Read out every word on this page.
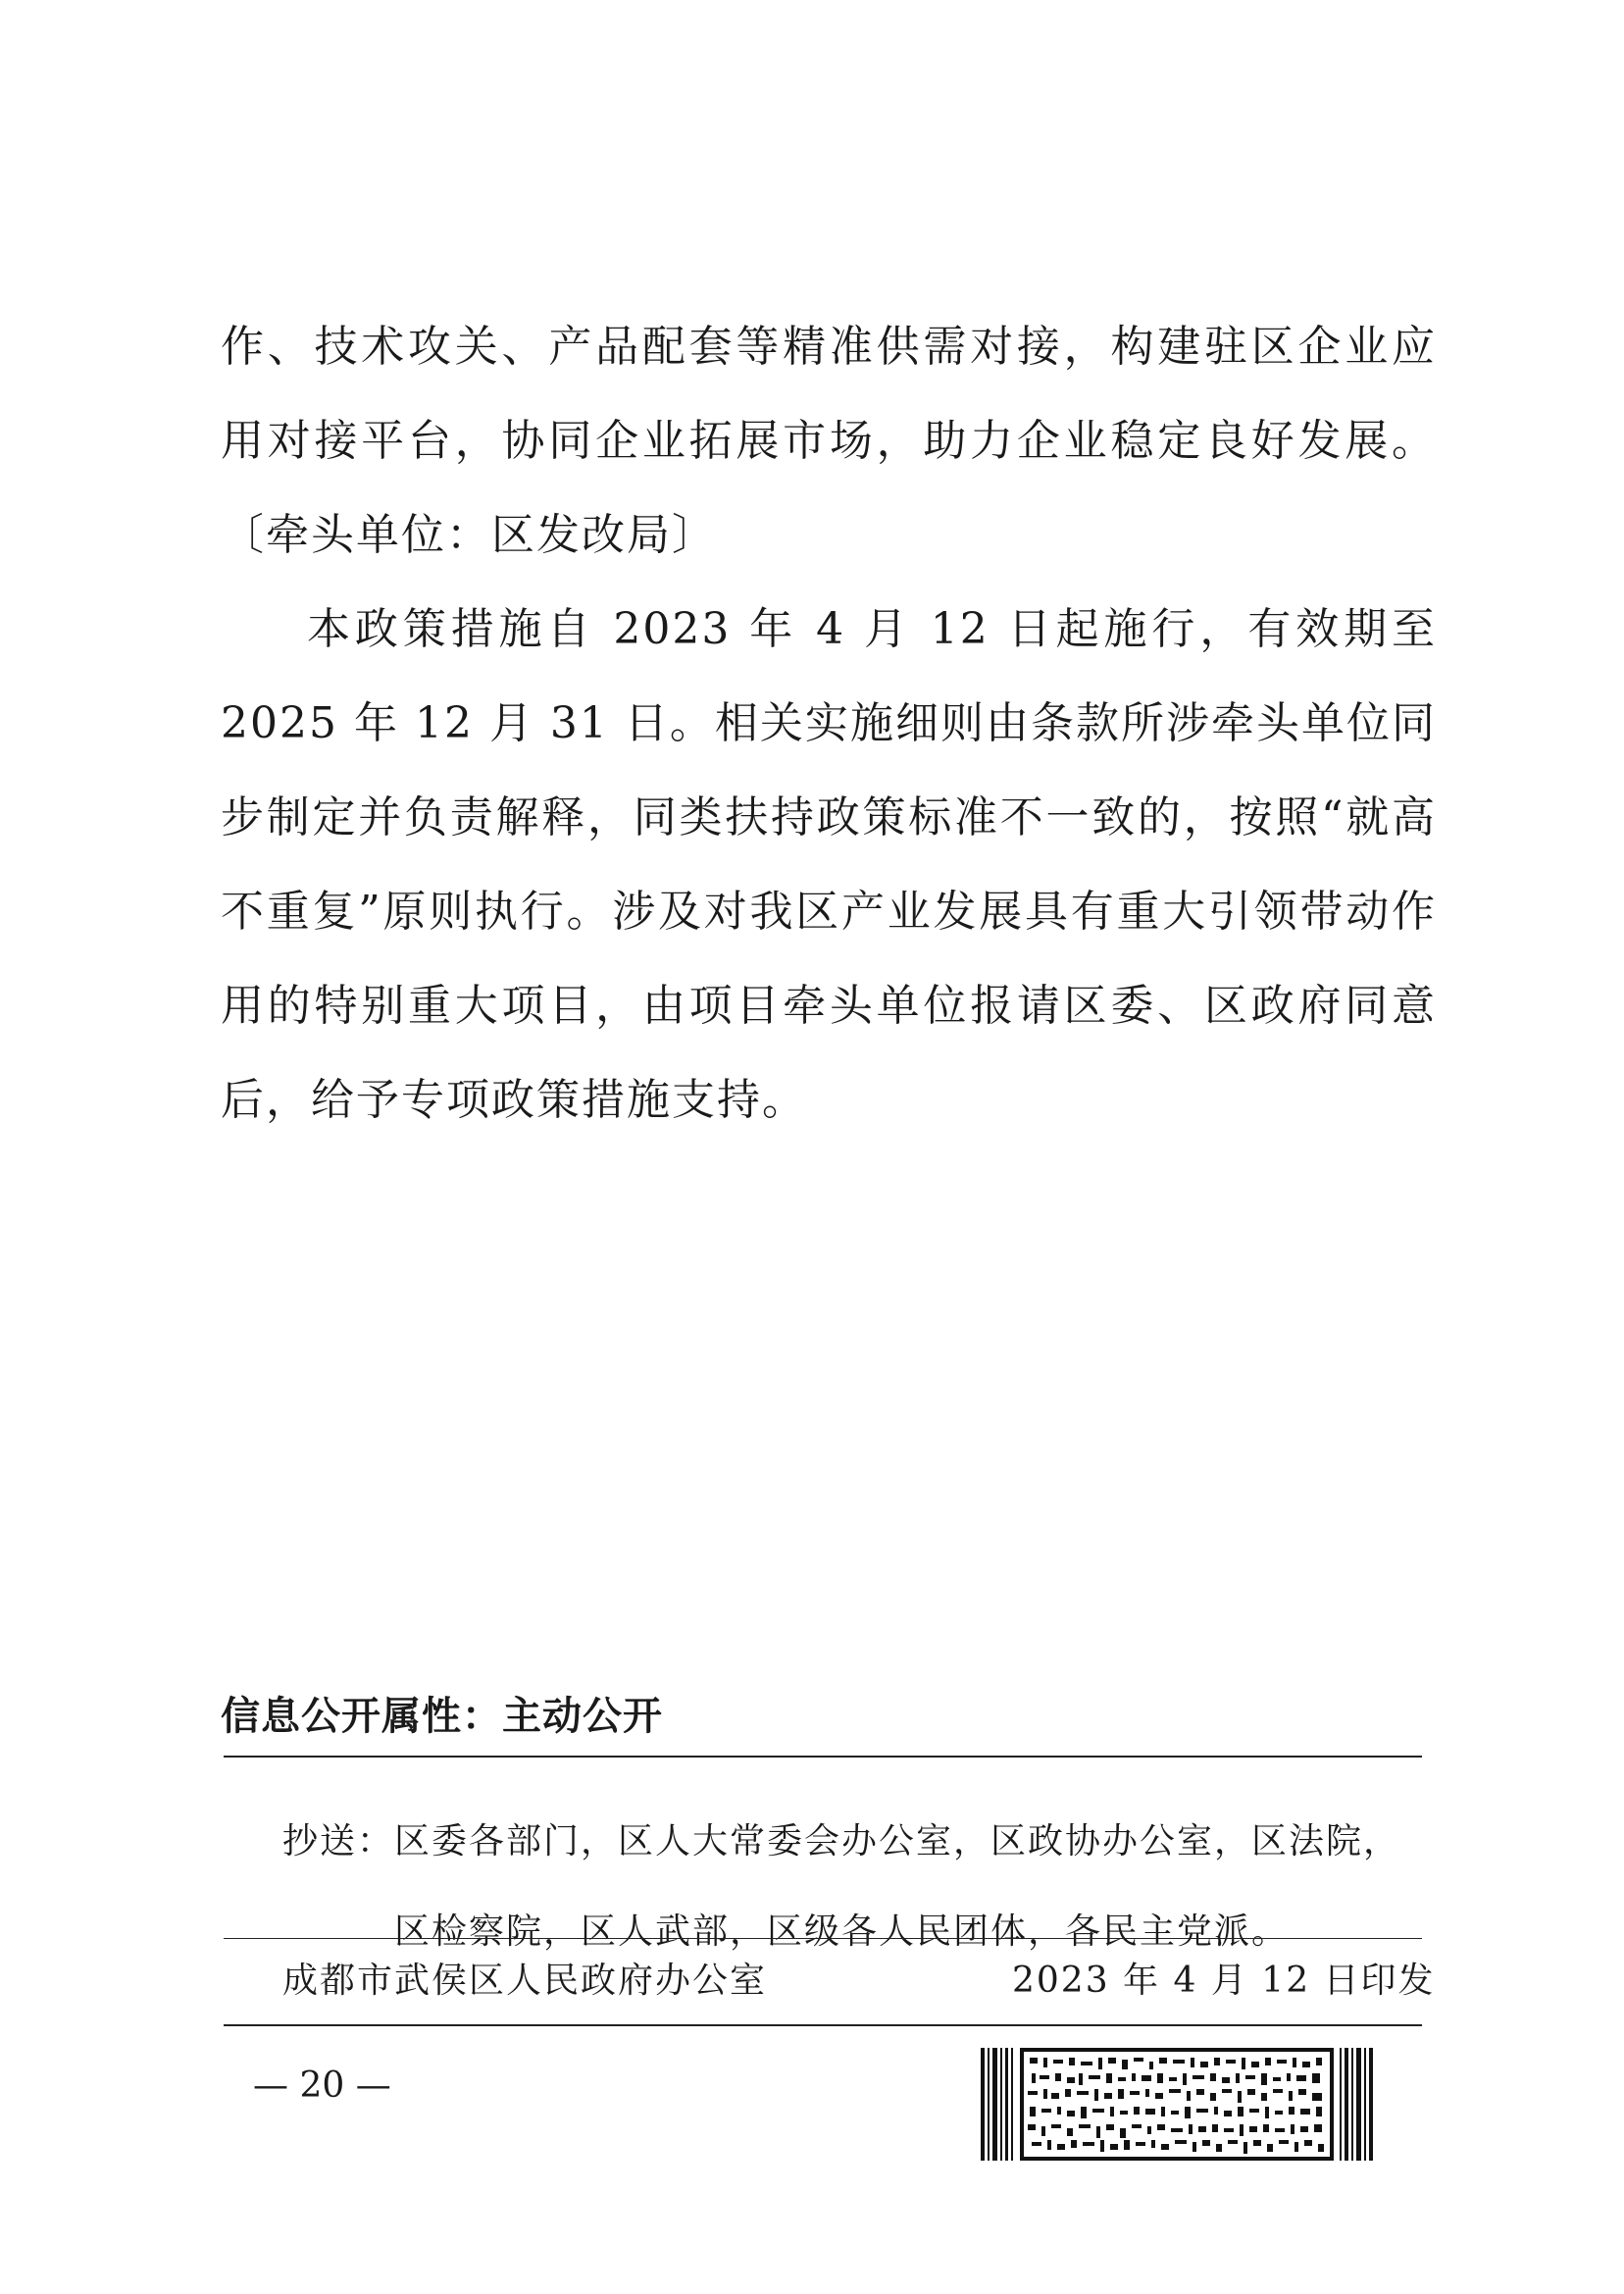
作、技术攻关、产品配套等精准供需对接，构建驻区企业应用对接平台，协同企业拓展市场，助力企业稳定良好发展。〔牵头单位：区发改局〕

本政策措施自 2023 年 4 月 12 日起施行，有效期至 2025 年 12 月 31 日。相关实施细则由条款所涉牵头单位同步制定并负责解释，同类扶持政策标准不一致的，按照“就高不重复”原则执行。涉及对我区产业发展具有重大引领带动作用的特别重大项目，由项目牵头单位报请区委、区政府同意后，给予专项政策措施支持。

信息公开属性：主动公开
抄送：区委各部门，区人大常委会办公室，区政协办公室，区法院，
区检察院，区人武部，区级各人民团体，各民主党派。
成都市武侯区人民政府办公室	2023 年 4 月 12 日印发
— 20 —
